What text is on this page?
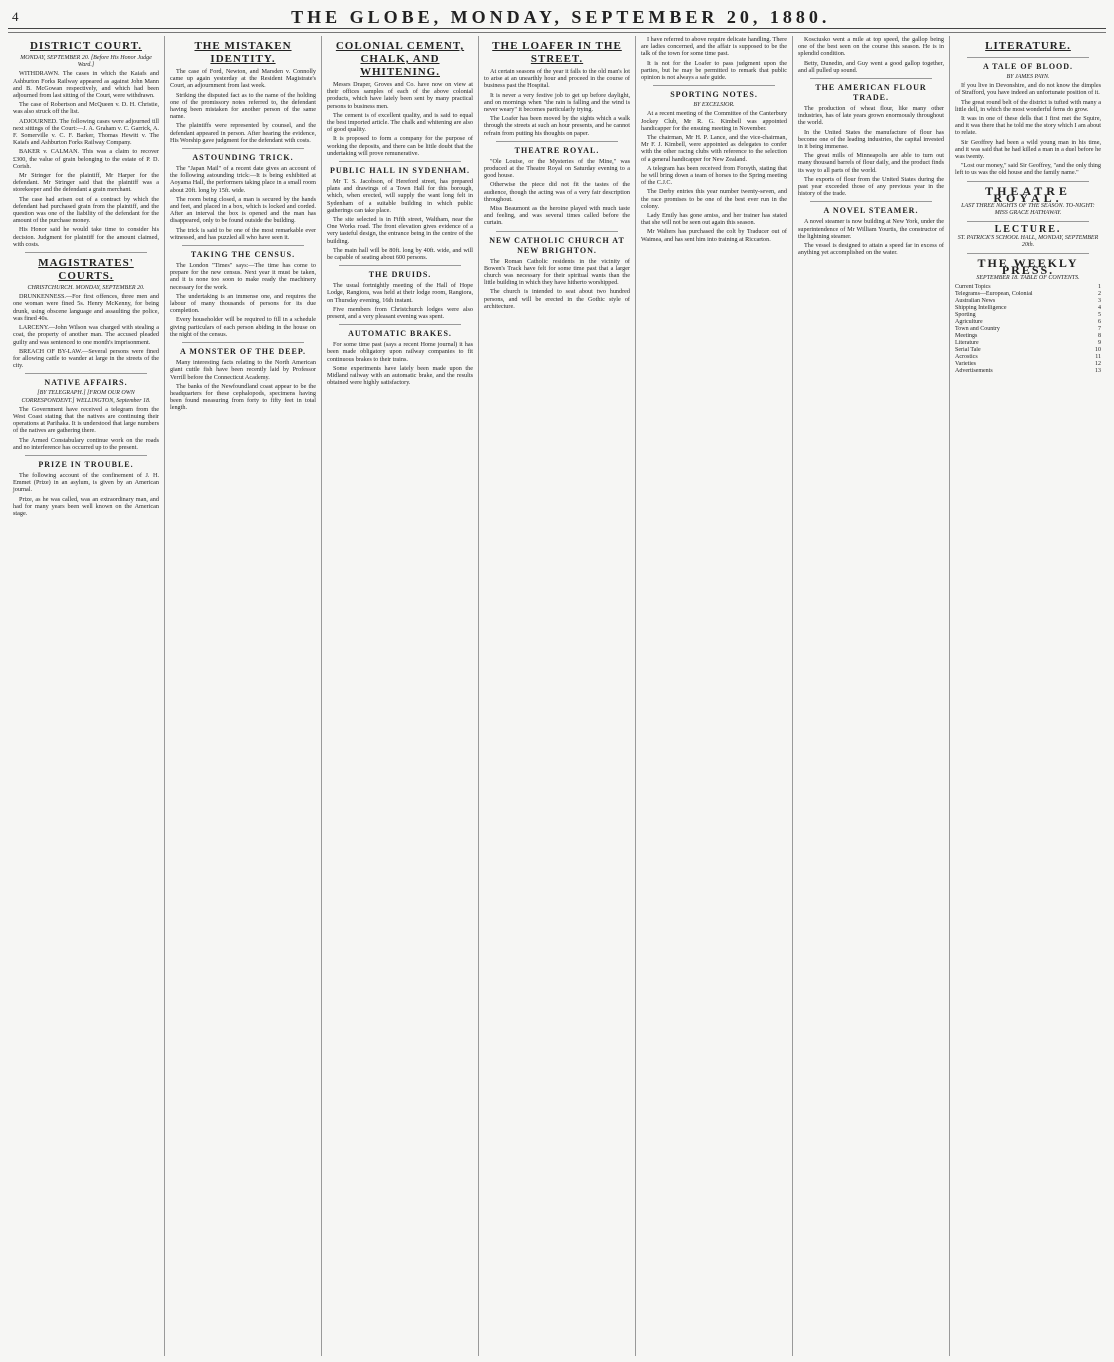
4	THE GLOBE, MONDAY, SEPTEMBER 20, 1880.
DISTRICT COURT.
MONDAY, SEPTEMBER 20. [Before His Honor Judge Ward.]

WITHDRAWN. The cases in which the Kaiafs and Ashburton Forks Railway appeared as against John Mann and B. McGowan respectively, and which had been adjourned from last sitting of the Court, were withdrawn.

The case of Robertson and McQueen v. D. H. Christie, was also struck off the list.

ADJOURNED. The following cases were adjourned till next sittings of the Court:—J. A. Graham v. C. Garrick, A. F. Somerville v. C. F. Barker, Thomas Hewitt v. The Kaiafs and Ashburton Forks Railway Company.

BAKER v. CALMAN. This was a claim to recover £300, the value of grain belonging to the estate of P. D. Corish.

Mr Stringer for the plaintiff, Mr Harper for the defendant. Mr Stringer said that the plaintiff was a storekeeper and the defendant a grain merchant.

The case had arisen out of a contract by which the defendant had purchased grain from the plaintiff, and the question was one of the liability of the defendant for the amount of the purchase money.

His Honor said he would take time to consider his decision. Judgment for plaintiff for the amount claimed, with costs.

MAGISTRATES' COURTS.
CHRISTCHURCH. MONDAY, SEPTEMBER 20.

DRUNKENNESS.—For first offences, three men and one woman were fined 5s. Henry McKenny, for being drunk, using obscene language and assaulting the police, was fined 40s.

LARCENY.—John Wilson was charged with stealing a coat, the property of another man. The accused pleaded guilty and was sentenced to one month's imprisonment.

BREACH OF BY-LAW.—Several persons were fined for allowing cattle to wander at large in the streets of the city.

NATIVE AFFAIRS.
[BY TELEGRAPH.] [FROM OUR OWN CORRESPONDENT.] WELLINGTON, September 18.

The Government have received a telegram from the West Coast stating that the natives are continuing their operations at Parihaka. It is understood that large numbers of the natives are gathering there.

The Armed Constabulary continue work on the roads and no interference has occurred up to the present.

PRIZE IN TROUBLE.

The following account of the confinement of J. H. Emmet (Prize) in an asylum, is given by an American journal.

Prize, as he was called, was an extraordinary man, and had for many years been well known on the American stage.

THE MISTAKEN IDENTITY.

The case of Ford, Newton, and Marsden v. Connolly came up again yesterday at the Resident Magistrate's Court, an adjournment from last week.

Striking the disputed fact as to the name of the holding one of the promissory notes referred to, the defendant having been mistaken for another person of the same name.

The plaintiffs were represented by counsel, and the defendant appeared in person. After hearing the evidence, His Worship gave judgment for the defendant with costs.

ASTOUNDING TRICK.

The "Japan Mail" of a recent date gives an account of the following astounding trick:—It is being exhibited at Aoyama Hall, the performers taking place in a small room about 20ft. long by 15ft. wide.

The room being closed, a man is secured by the hands and feet, and placed in a box, which is locked and corded. After an interval the box is opened and the man has disappeared, only to be found outside the building.

The trick is said to be one of the most remarkable ever witnessed, and has puzzled all who have seen it.

TAKING THE CENSUS.

The London "Times" says:—The time has come to prepare for the new census. Next year it must be taken, and it is none too soon to make ready the machinery necessary for the work.

The undertaking is an immense one, and requires the labour of many thousands of persons for its due completion.

Every householder will be required to fill in a schedule giving particulars of each person abiding in the house on the night of the census.

A MONSTER OF THE DEEP.

Many interesting facts relating to the North American giant cuttle fish have been recently laid by Professor Verrill before the Connecticut Academy.

The banks of the Newfoundland coast appear to be the headquarters for these cephalopods, specimens having been found measuring from forty to fifty feet in total length.

COLONIAL CEMENT, CHALK, AND WHITENING.

Messrs Draper, Groves and Co. have now on view at their offices samples of each of the above colonial products, which have lately been sent by many practical persons to business men.

The cement is of excellent quality, and is said to equal the best imported article. The chalk and whitening are also of good quality.

It is proposed to form a company for the purpose of working the deposits, and there can be little doubt that the undertaking will prove remunerative.

PUBLIC HALL IN SYDENHAM.

Mr T. S. Jacobson, of Hereford street, has prepared plans and drawings of a Town Hall for this borough, which, when erected, will supply the want long felt in Sydenham of a suitable building in which public gatherings can take place.

The site selected is in Fifth street, Waltham, near the One Works road. The front elevation gives evidence of a very tasteful design, the entrance being in the centre of the building.

The main hall will be 80ft. long by 40ft. wide, and will be capable of seating about 600 persons.

THE DRUIDS.

The usual fortnightly meeting of the Hall of Hope Lodge, Rangiora, was held at their lodge room, Rangiora, on Thursday evening, 16th instant.

Five members from Christchurch lodges were also present, and a very pleasant evening was spent.

AUTOMATIC BRAKES.

For some time past (says a recent Home journal) it has been made obligatory upon railway companies to fit continuous brakes to their trains.

Some experiments have lately been made upon the Midland railway with an automatic brake, and the results obtained were highly satisfactory.

THE LOAFER IN THE STREET.

At certain seasons of the year it falls to the old man's lot to arise at an unearthly hour and proceed in the course of business past the Hospital.

It is never a very festive job to get up before daylight, and on mornings when "the rain is falling and the wind is never weary" it becomes particularly trying.

The Loafer has been moved by the sights which a walk through the streets at such an hour presents, and he cannot refrain from putting his thoughts on paper.

THEATRE ROYAL.

"Ole Louise, or the Mysteries of the Mine," was produced at the Theatre Royal on Saturday evening to a good house.

Otherwise the piece did not fit the tastes of the audience, though the acting was of a very fair description throughout.

Miss Beaumont as the heroine played with much taste and feeling, and was several times called before the curtain.

NEW CATHOLIC CHURCH AT NEW BRIGHTON.

The Roman Catholic residents in the vicinity of Bowen's Track have felt for some time past that a larger church was necessary for their spiritual wants than the little building in which they have hitherto worshipped.

The church is intended to seat about two hundred persons, and will be erected in the Gothic style of architecture.

I have referred to above require delicate handling. There are ladies concerned, and the affair is supposed to be the talk of the town for some time past.

It is not for the Loafer to pass judgment upon the parties, but he may be permitted to remark that public opinion is not always a safe guide.

SPORTING NOTES.
BY EXCELSIOR.

At a recent meeting of the Committee of the Canterbury Jockey Club, Mr R. G. Kimbell was appointed handicapper for the ensuing meeting in November.

The chairman, Mr H. P. Lance, and the vice-chairman, Mr F. J. Kimbell, were appointed as delegates to confer with the other racing clubs with reference to the selection of a general handicapper for New Zealand.

A telegram has been received from Forsyth, stating that he will bring down a team of horses to the Spring meeting of the C.J.C.

The Derby entries this year number twenty-seven, and the race promises to be one of the best ever run in the colony.

Lady Emily has gone amiss, and her trainer has stated that she will not be seen out again this season.

Mr Walters has purchased the colt by Traducer out of Waimea, and has sent him into training at Riccarton.

Kosciusko went a mile at top speed, the gallop being one of the best seen on the course this season. He is in splendid condition.

Betty, Dunedin, and Guy went a good gallop together, and all pulled up sound.

THE AMERICAN FLOUR TRADE.

The production of wheat flour, like many other industries, has of late years grown enormously throughout the world.

In the United States the manufacture of flour has become one of the leading industries, the capital invested in it being immense.

The great mills of Minneapolis are able to turn out many thousand barrels of flour daily, and the product finds its way to all parts of the world.

The exports of flour from the United States during the past year exceeded those of any previous year in the history of the trade.

A NOVEL STEAMER.

A novel steamer is now building at New York, under the superintendence of Mr William Yourtis, the constructor of the lightning steamer.

The vessel is designed to attain a speed far in excess of anything yet accomplished on the water.

LITERATURE.
A TALE OF BLOOD.
BY JAMES PAYN.

If you live in Devonshire, and do not know the dimples of Strafford, you have indeed an unfortunate position of it.

The great round belt of the district is tufted with many a little dell, in which the most wonderful ferns do grow.

It was in one of these dells that I first met the Squire, and it was there that he told me the story which I am about to relate.

Sir Geoffrey had been a wild young man in his time, and it was said that he had killed a man in a duel before he was twenty.

"Lost our money," said Sir Geoffrey, "and the only thing left to us was the old house and the family name."

THEATRE ROYAL.
LAST THREE NIGHTS OF THE SEASON. TO-NIGHT: MISS GRACE HATHAWAY.
LECTURE.
ST. PATRICK'S SCHOOL HALL, MONDAY, SEPTEMBER 20th.
THE WEEKLY PRESS.
SEPTEMBER 18. TABLE OF CONTENTS.
Current Topics	1
Telegrams—European, Colonial	2
Australian News	3
Shipping Intelligence	4
Sporting	5
Agriculture	6
Town and Country	7
Meetings	8
Literature	9
Serial Tale	10
Acrostics	11
Varieties	12
Advertisements	13
